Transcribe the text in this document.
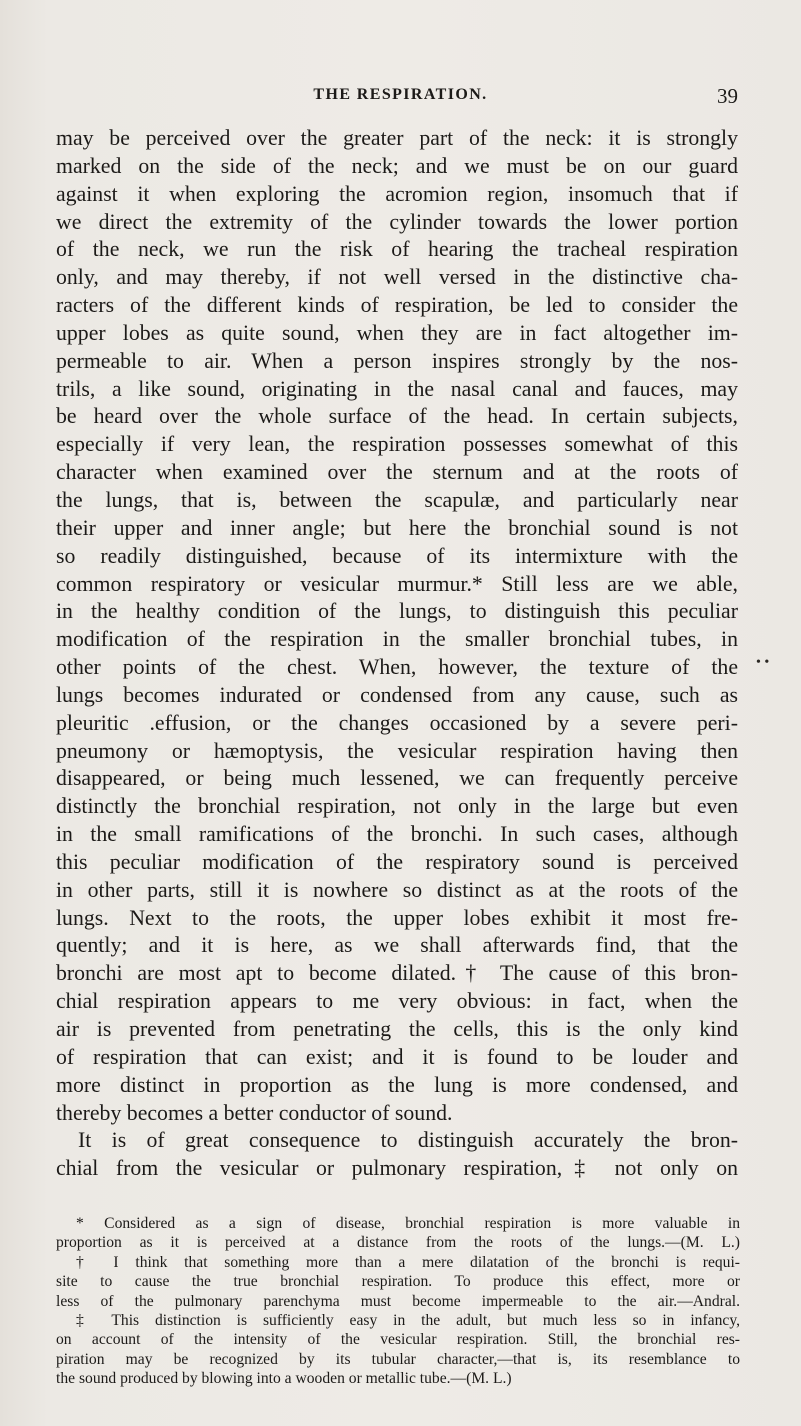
THE RESPIRATION.	39
may be perceived over the greater part of the neck: it is strongly
marked on the side of the neck; and we must be on our guard
against it when exploring the acromion region, insomuch that if
we direct the extremity of the cylinder towards the lower portion
of the neck, we run the risk of hearing the tracheal respiration
only, and may thereby, if not well versed in the distinctive cha-
racters of the different kinds of respiration, be led to consider the
upper lobes as quite sound, when they are in fact altogether im-
permeable to air. When a person inspires strongly by the nos-
trils, a like sound, originating in the nasal canal and fauces, may
be heard over the whole surface of the head. In certain subjects,
especially if very lean, the respiration possesses somewhat of this
character when examined over the sternum and at the roots of
the lungs, that is, between the scapulæ, and particularly near
their upper and inner angle; but here the bronchial sound is not
so readily distinguished, because of its intermixture with the
common respiratory or vesicular murmur.* Still less are we able,
in the healthy condition of the lungs, to distinguish this peculiar
modification of the respiration in the smaller bronchial tubes, in
other points of the chest. When, however, the texture of the
lungs becomes indurated or condensed from any cause, such as
pleuritic .effusion, or the changes occasioned by a severe peri-
pneumony or hæmoptysis, the vesicular respiration having then
disappeared, or being much lessened, we can frequently perceive
distinctly the bronchial respiration, not only in the large but even
in the small ramifications of the bronchi. In such cases, although
this peculiar modification of the respiratory sound is perceived
in other parts, still it is nowhere so distinct as at the roots of the
lungs. Next to the roots, the upper lobes exhibit it most fre-
quently; and it is here, as we shall afterwards find, that the
bronchi are most apt to become dilated.† The cause of this bron-
chial respiration appears to me very obvious: in fact, when the
air is prevented from penetrating the cells, this is the only kind
of respiration that can exist; and it is found to be louder and
more distinct in proportion as the lung is more condensed, and
thereby becomes a better conductor of sound.
It is of great consequence to distinguish accurately the bron-
chial from the vesicular or pulmonary respiration,‡ not only on
• •
* Considered as a sign of disease, bronchial respiration is more valuable in
proportion as it is perceived at a distance from the roots of the lungs.—(M. L.)
† I think that something more than a mere dilatation of the bronchi is requi-
site to cause the true bronchial respiration. To produce this effect, more or
less of the pulmonary parenchyma must become impermeable to the air.—Andral.
‡ This distinction is sufficiently easy in the adult, but much less so in infancy,
on account of the intensity of the vesicular respiration. Still, the bronchial res-
piration may be recognized by its tubular character,—that is, its resemblance to
the sound produced by blowing into a wooden or metallic tube.—(M. L.)
